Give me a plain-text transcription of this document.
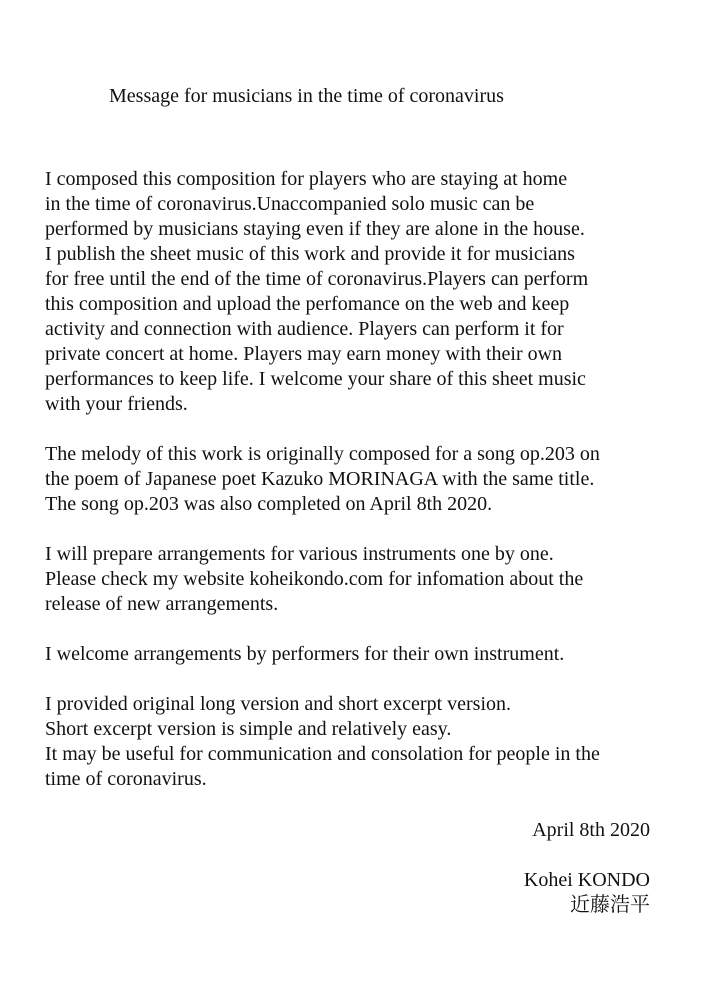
Message for musicians in the time of coronavirus

I composed this composition for players who are staying at home
in the time of coronavirus.Unaccompanied solo music can be
performed by musicians staying even if they are alone in the house.
I publish the sheet music of this work and provide it for musicians
for free until the end of the time of coronavirus.Players can perform
this composition and upload the perfomance on the web and keep
activity and connection with audience. Players can perform it for
private concert at home. Players may earn money with their own
performances to keep life. I welcome your share of this sheet music
with your friends.

The melody of this work is originally composed for a song op.203 on
the poem of Japanese poet Kazuko MORINAGA with the same title.
The song op.203 was also completed on April 8th 2020.

I will prepare arrangements for various instruments one by one.
Please check my website koheikondo.com for infomation about the
release of new arrangements.

I welcome arrangements by performers for their own instrument.

I provided original long version and short excerpt version.
Short excerpt version is simple and relatively easy.
It may be useful for communication and consolation for people in the
time of coronavirus.

April 8th 2020
Kohei KONDO
近藤浩平
